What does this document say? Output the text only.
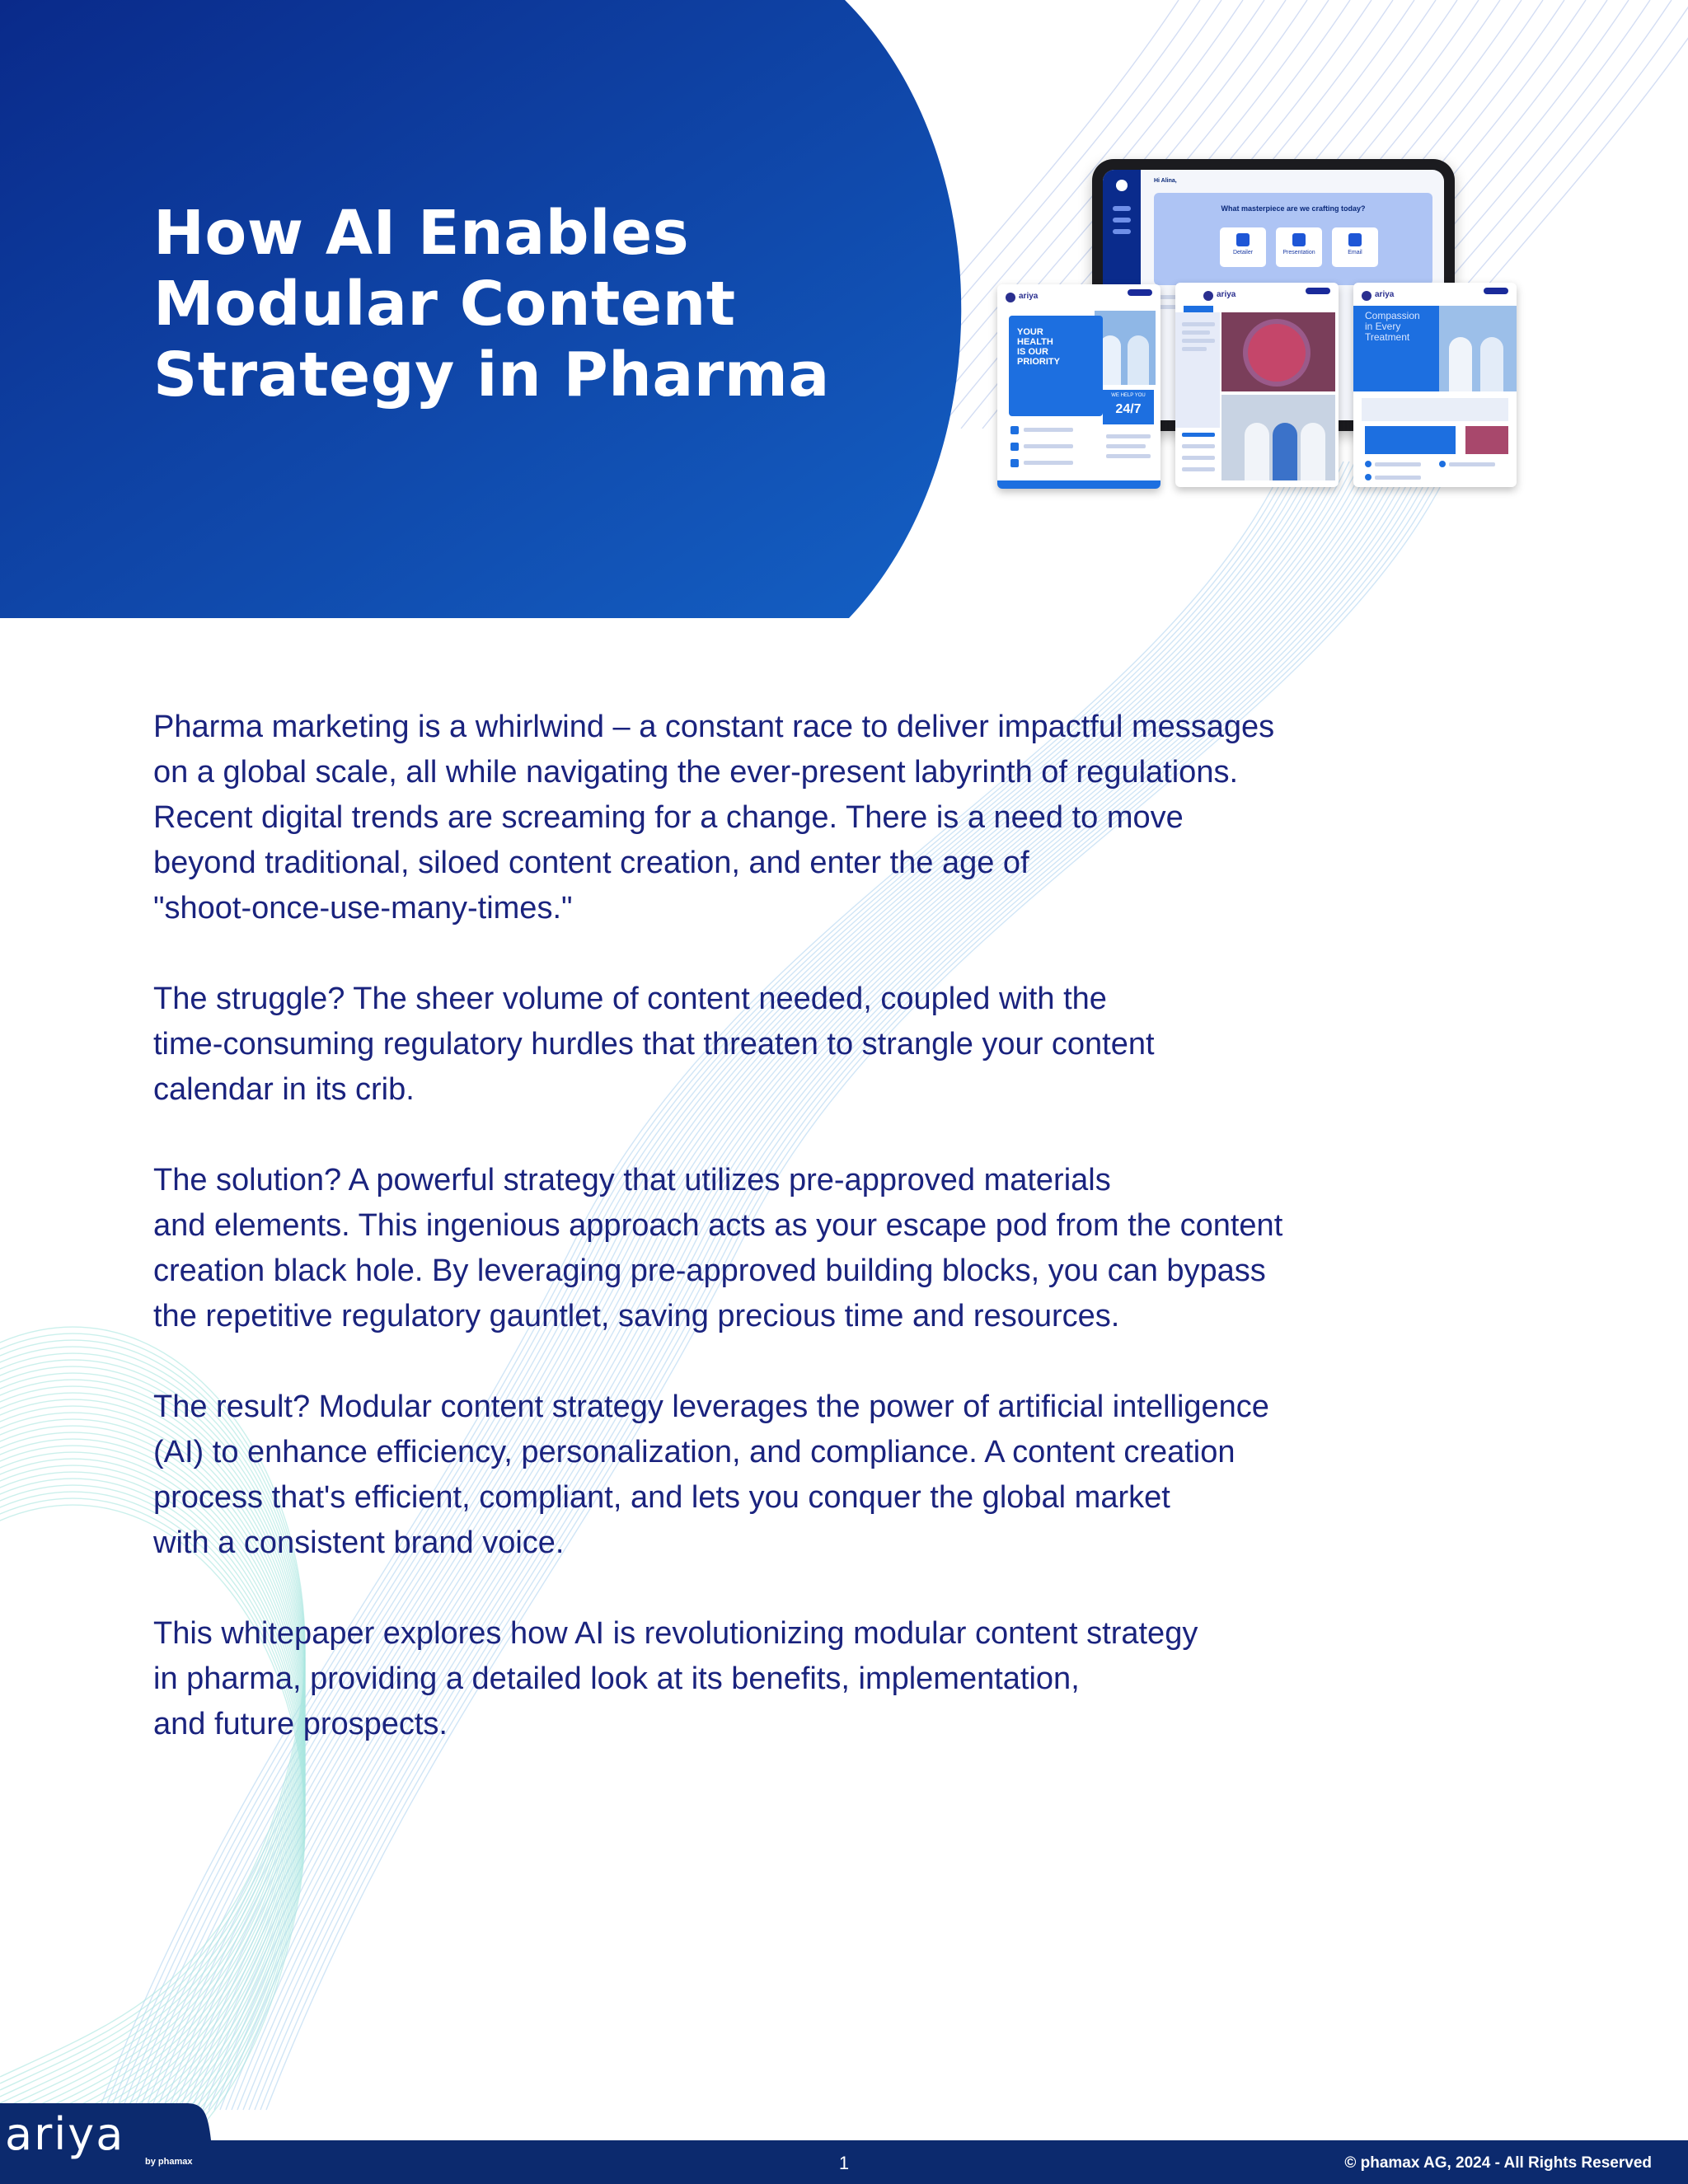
How AI Enables
Modular Content
Strategy in Pharma
Hi Alina,
What masterpiece are we crafting today?
Detailer	Presentation	Email
ariya
YOUR
HEALTH
IS OUR
PRIORITY
WE HELP YOU
24/7
ariya	ariya
Compassion
in Every
Treatment

Pharma marketing is a whirlwind – a constant race to deliver impactful messages
on a global scale, all while navigating the ever-present labyrinth of regulations.
Recent digital trends are screaming for a change. There is a need to move
beyond traditional, siloed content creation, and enter the age of
"shoot-once-use-many-times."

The struggle? The sheer volume of content needed, coupled with the
time-consuming regulatory hurdles that threaten to strangle your content
calendar in its crib.

The solution? A powerful strategy that utilizes pre-approved materials
and elements. This ingenious approach acts as your escape pod from the content
creation black hole. By leveraging pre-approved building blocks, you can bypass
the repetitive regulatory gauntlet, saving precious time and resources.

The result? Modular content strategy leverages the power of artificial intelligence
(AI) to enhance efficiency, personalization, and compliance. A content creation
process that's efficient, compliant, and lets you conquer the global market
with a consistent brand voice.

This whitepaper explores how AI is revolutionizing modular content strategy
in pharma, providing a detailed look at its benefits, implementation,
and future prospects.

ariya
by phamax	1	© phamax AG, 2024 - All Rights Reserved
